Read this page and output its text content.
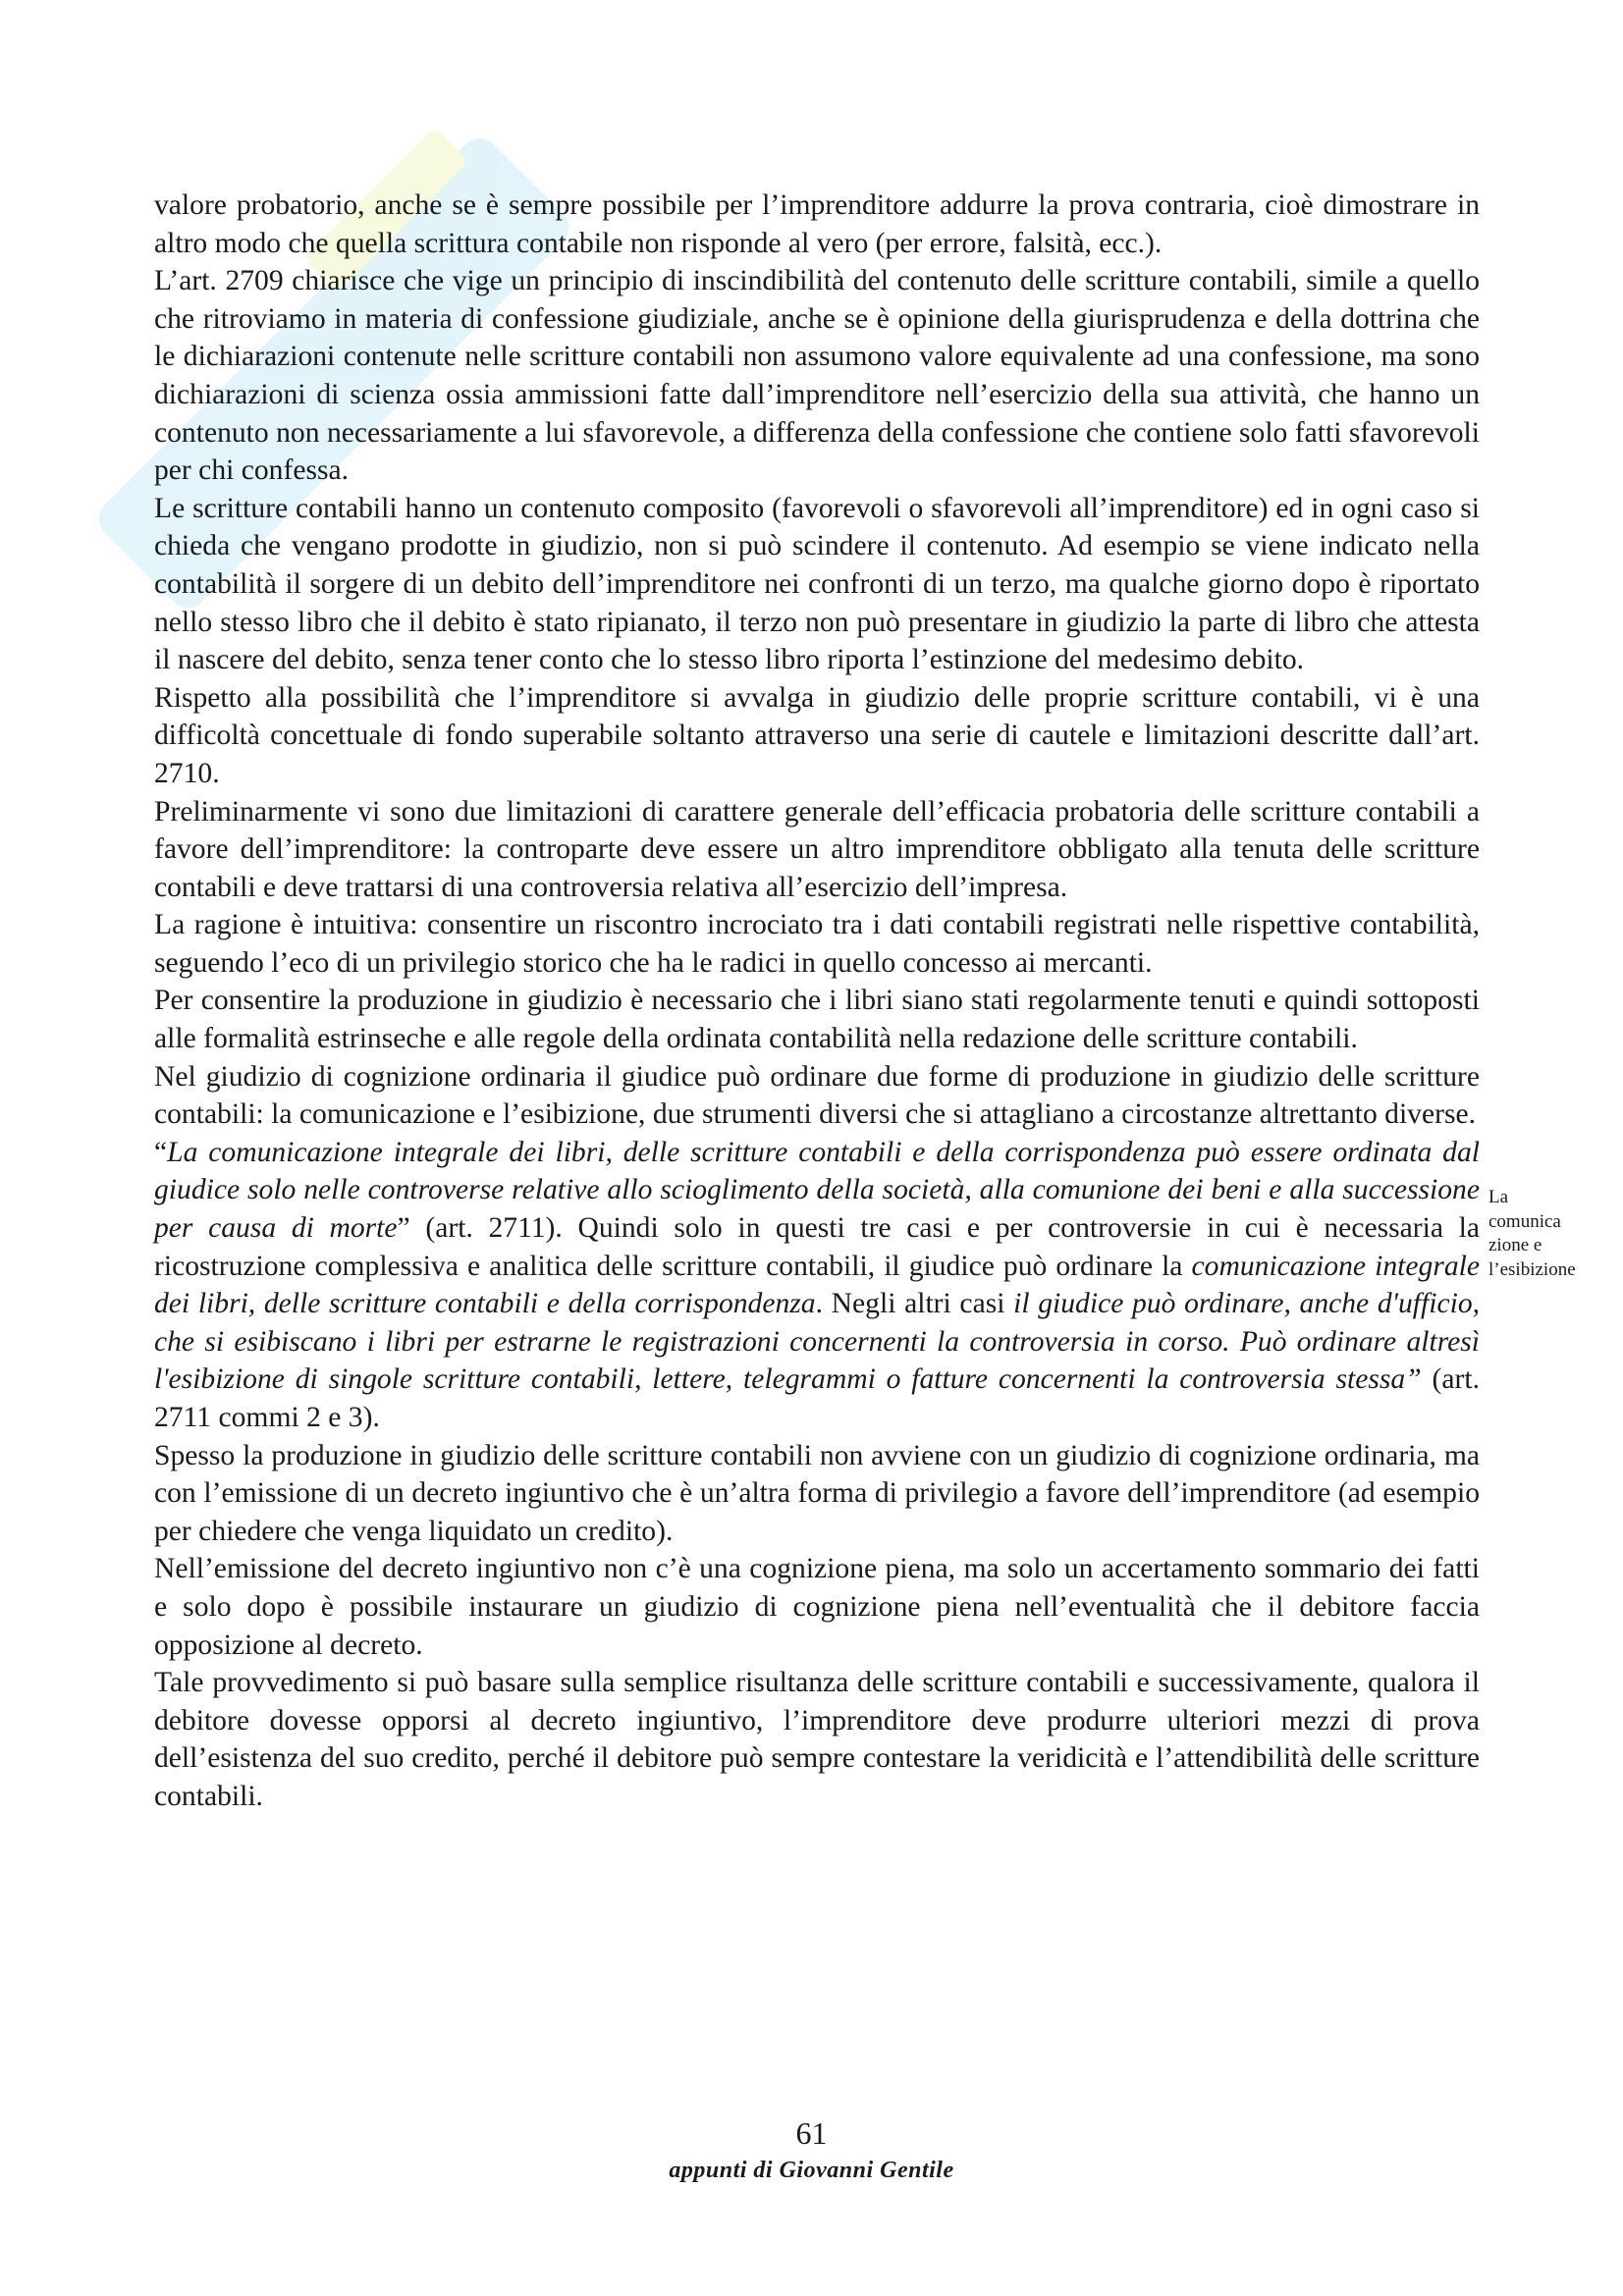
valore probatorio, anche se è sempre possibile per l’imprenditore addurre la prova contraria, cioè dimostrare in altro modo che quella scrittura contabile non risponde al vero (per errore, falsità, ecc.).

L’art. 2709 chiarisce che vige un principio di inscindibilità del contenuto delle scritture contabili, simile a quello che ritroviamo in materia di confessione giudiziale, anche se è opinione della giurisprudenza e della dottrina che le dichiarazioni contenute nelle scritture contabili non assumono valore equivalente ad una confessione, ma sono dichiarazioni di scienza ossia ammissioni fatte dall’imprenditore nell’esercizio della sua attività, che hanno un contenuto non necessariamente a lui sfavorevole, a differenza della confessione che contiene solo fatti sfavorevoli per chi confessa.

Le scritture contabili hanno un contenuto composito (favorevoli o sfavorevoli all’imprenditore) ed in ogni caso si chieda che vengano prodotte in giudizio, non si può scindere il contenuto. Ad esempio se viene indicato nella contabilità il sorgere di un debito dell’imprenditore nei confronti di un terzo, ma qualche giorno dopo è riportato nello stesso libro che il debito è stato ripianato, il terzo non può presentare in giudizio la parte di libro che attesta il nascere del debito, senza tener conto che lo stesso libro riporta l’estinzione del medesimo debito.

Rispetto alla possibilità che l’imprenditore si avvalga in giudizio delle proprie scritture contabili, vi è una difficoltà concettuale di fondo superabile soltanto attraverso una serie di cautele e limitazioni descritte dall’art. 2710.

Preliminarmente vi sono due limitazioni di carattere generale dell’efficacia probatoria delle scritture contabili a favore dell’imprenditore: la controparte deve essere un altro imprenditore obbligato alla tenuta delle scritture contabili e deve trattarsi di una controversia relativa all’esercizio dell’impresa.

La ragione è intuitiva: consentire un riscontro incrociato tra i dati contabili registrati nelle rispettive contabilità, seguendo l’eco di un privilegio storico che ha le radici in quello concesso ai mercanti.

Per consentire la produzione in giudizio è necessario che i libri siano stati regolarmente tenuti e quindi sottoposti alle formalità estrinseche e alle regole della ordinata contabilità nella redazione delle scritture contabili.

Nel giudizio di cognizione ordinaria il giudice può ordinare due forme di produzione in giudizio delle scritture contabili: la comunicazione e l’esibizione, due strumenti diversi che si attagliano a circostanze altrettanto diverse.

“La comunicazione integrale dei libri, delle scritture contabili e della corrispondenza può essere ordinata dal giudice solo nelle controverse relative allo scioglimento della società, alla comunione dei beni e alla successione per causa di morte” (art. 2711). Quindi solo in questi tre casi e per controversie in cui è necessaria la ricostruzione complessiva e analitica delle scritture contabili, il giudice può ordinare la comunicazione integrale dei libri, delle scritture contabili e della corrispondenza. Negli altri casi il giudice può ordinare, anche d'ufficio, che si esibiscano i libri per estrarne le registrazioni concernenti la controversia in corso. Può ordinare altresì l'esibizione di singole scritture contabili, lettere, telegrammi o fatture concernenti la controversia stessa” (art. 2711 commi 2 e 3).

Spesso la produzione in giudizio delle scritture contabili non avviene con un giudizio di cognizione ordinaria, ma con l’emissione di un decreto ingiuntivo che è un’altra forma di privilegio a favore dell’imprenditore (ad esempio per chiedere che venga liquidato un credito).

Nell’emissione del decreto ingiuntivo non c’è una cognizione piena, ma solo un accertamento sommario dei fatti e solo dopo è possibile instaurare un giudizio di cognizione piena nell’eventualità che il debitore faccia opposizione al decreto.

Tale provvedimento si può basare sulla semplice risultanza delle scritture contabili e successivamente, qualora il debitore dovesse opporsi al decreto ingiuntivo, l’imprenditore deve produrre ulteriori mezzi di prova dell’esistenza del suo credito, perché il debitore può sempre contestare la veridicità e l’attendibilità delle scritture contabili.

La
comunica
zione e
l’esibizione
61
appunti di Giovanni Gentile
